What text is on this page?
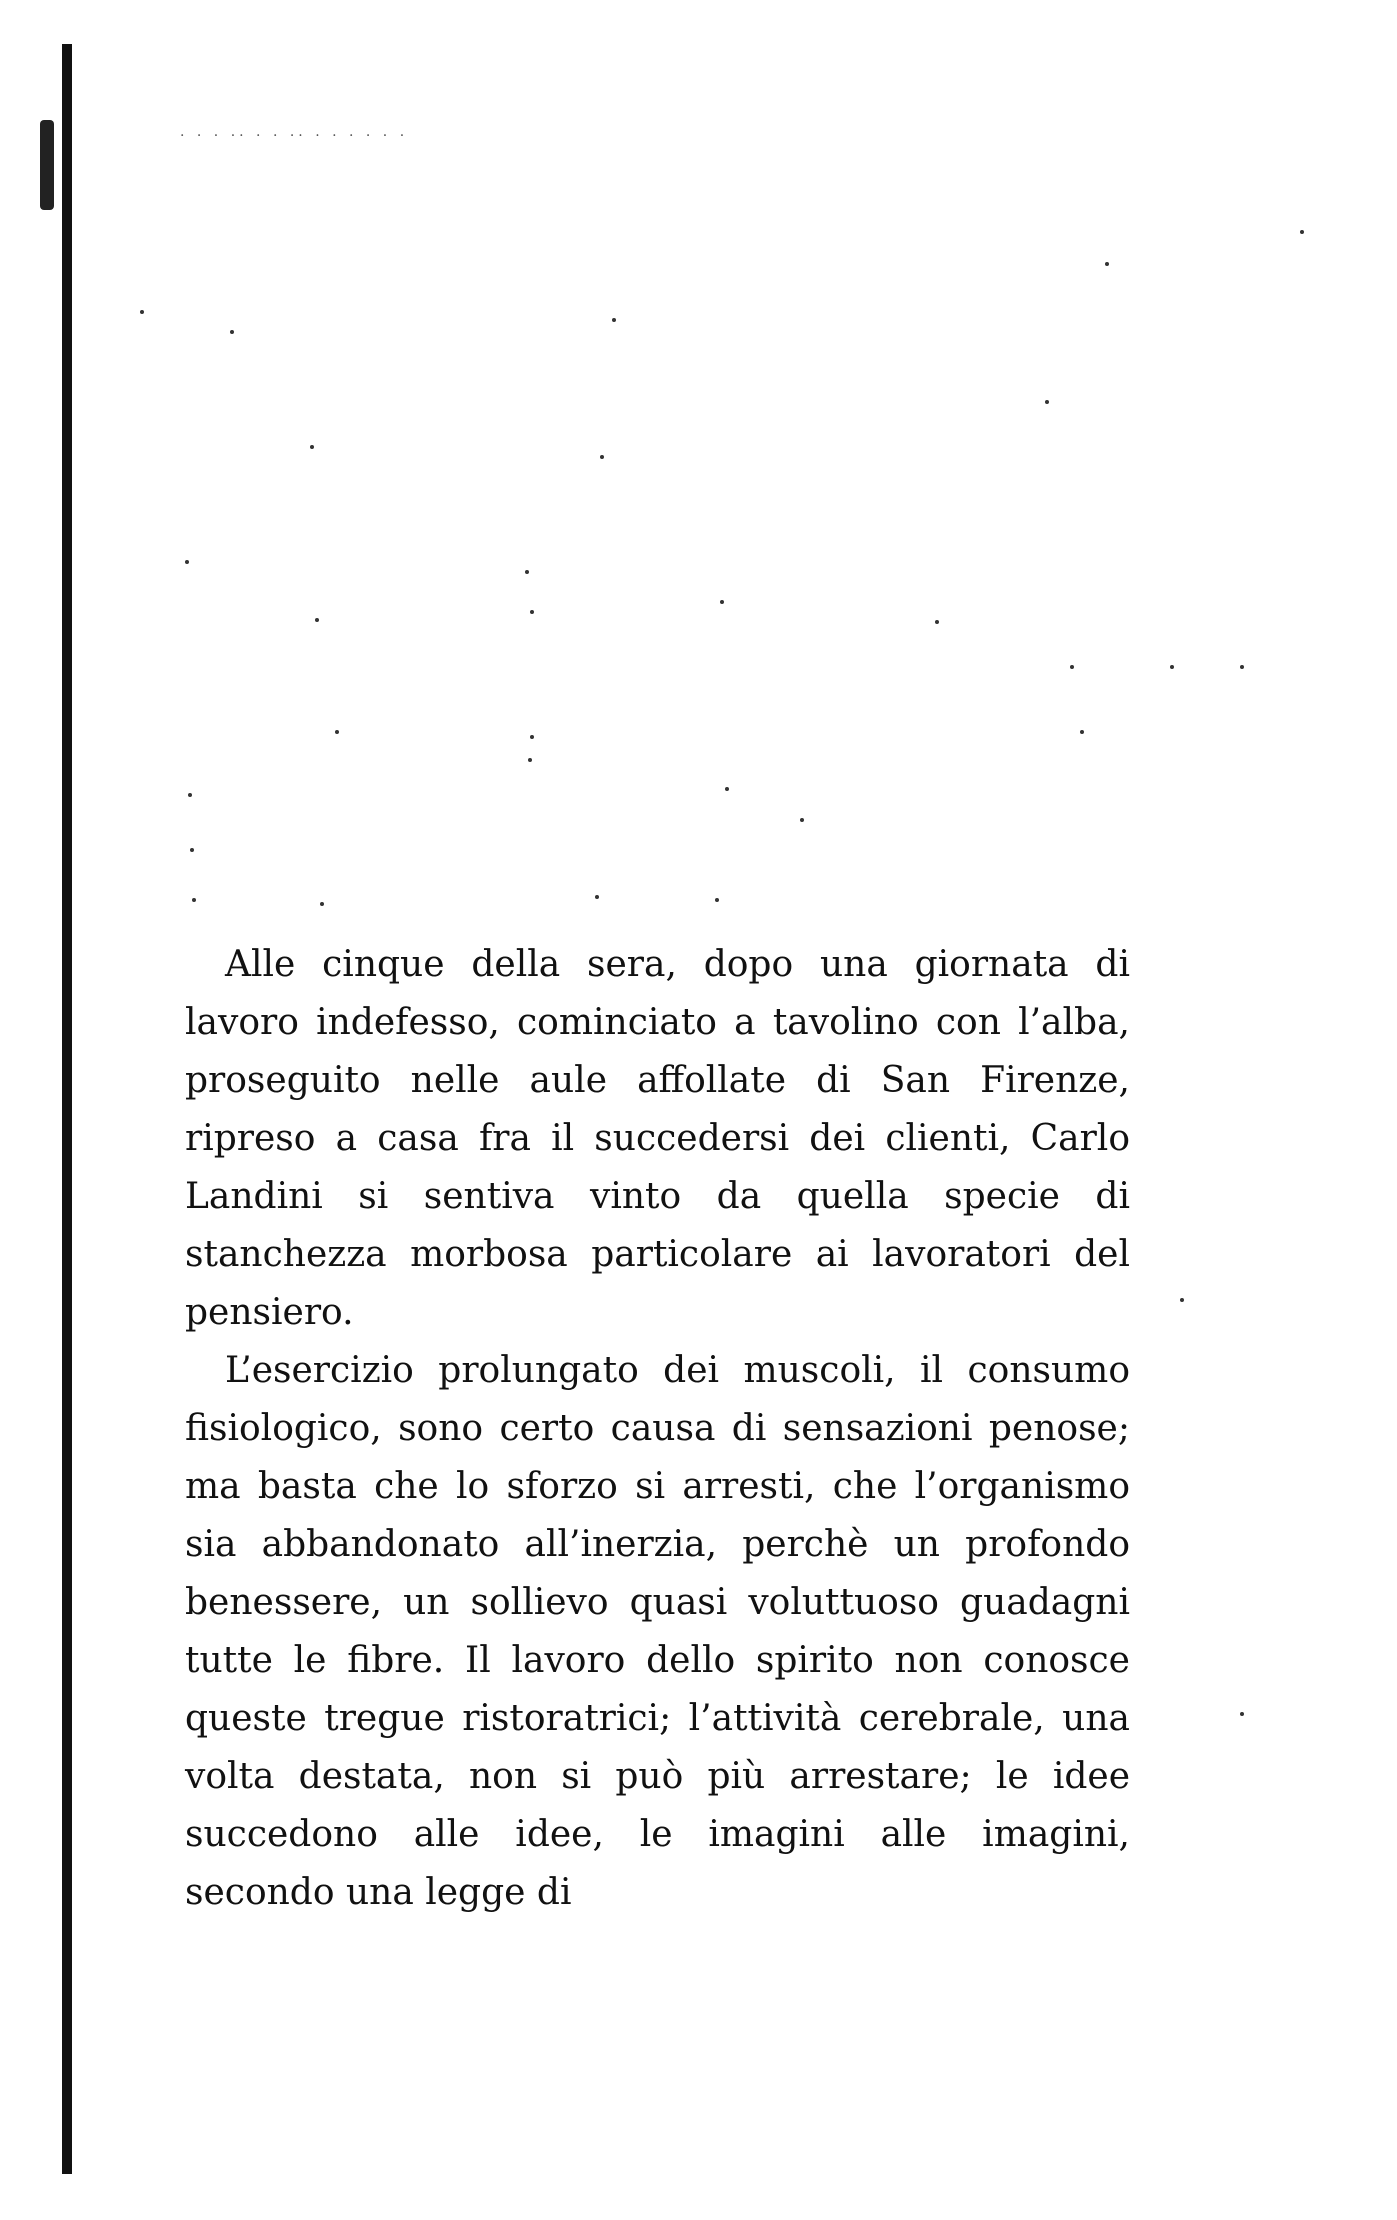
· · · ·· · · ·· · · · · · ·

Alle cinque della sera, dopo una giornata di lavoro indefesso, cominciato a tavolino con l’alba, proseguito nelle aule affollate di San Firenze, ripreso a casa fra il succedersi dei clienti, Carlo Landini si sentiva vinto da quella specie di stanchezza morbosa particolare ai lavoratori del pensiero.

L’esercizio prolungato dei muscoli, il consumo fisiologico, sono certo causa di sensazioni penose; ma basta che lo sforzo si arresti, che l’organismo sia abbandonato all’inerzia, perchè un profondo benessere, un sollievo quasi voluttuoso guadagni tutte le fibre. Il lavoro dello spirito non conosce queste tregue ristoratrici; l’attività cerebrale, una volta destata, non si può più arrestare; le idee succedono alle idee, le imagini alle imagini, secondo una legge di
